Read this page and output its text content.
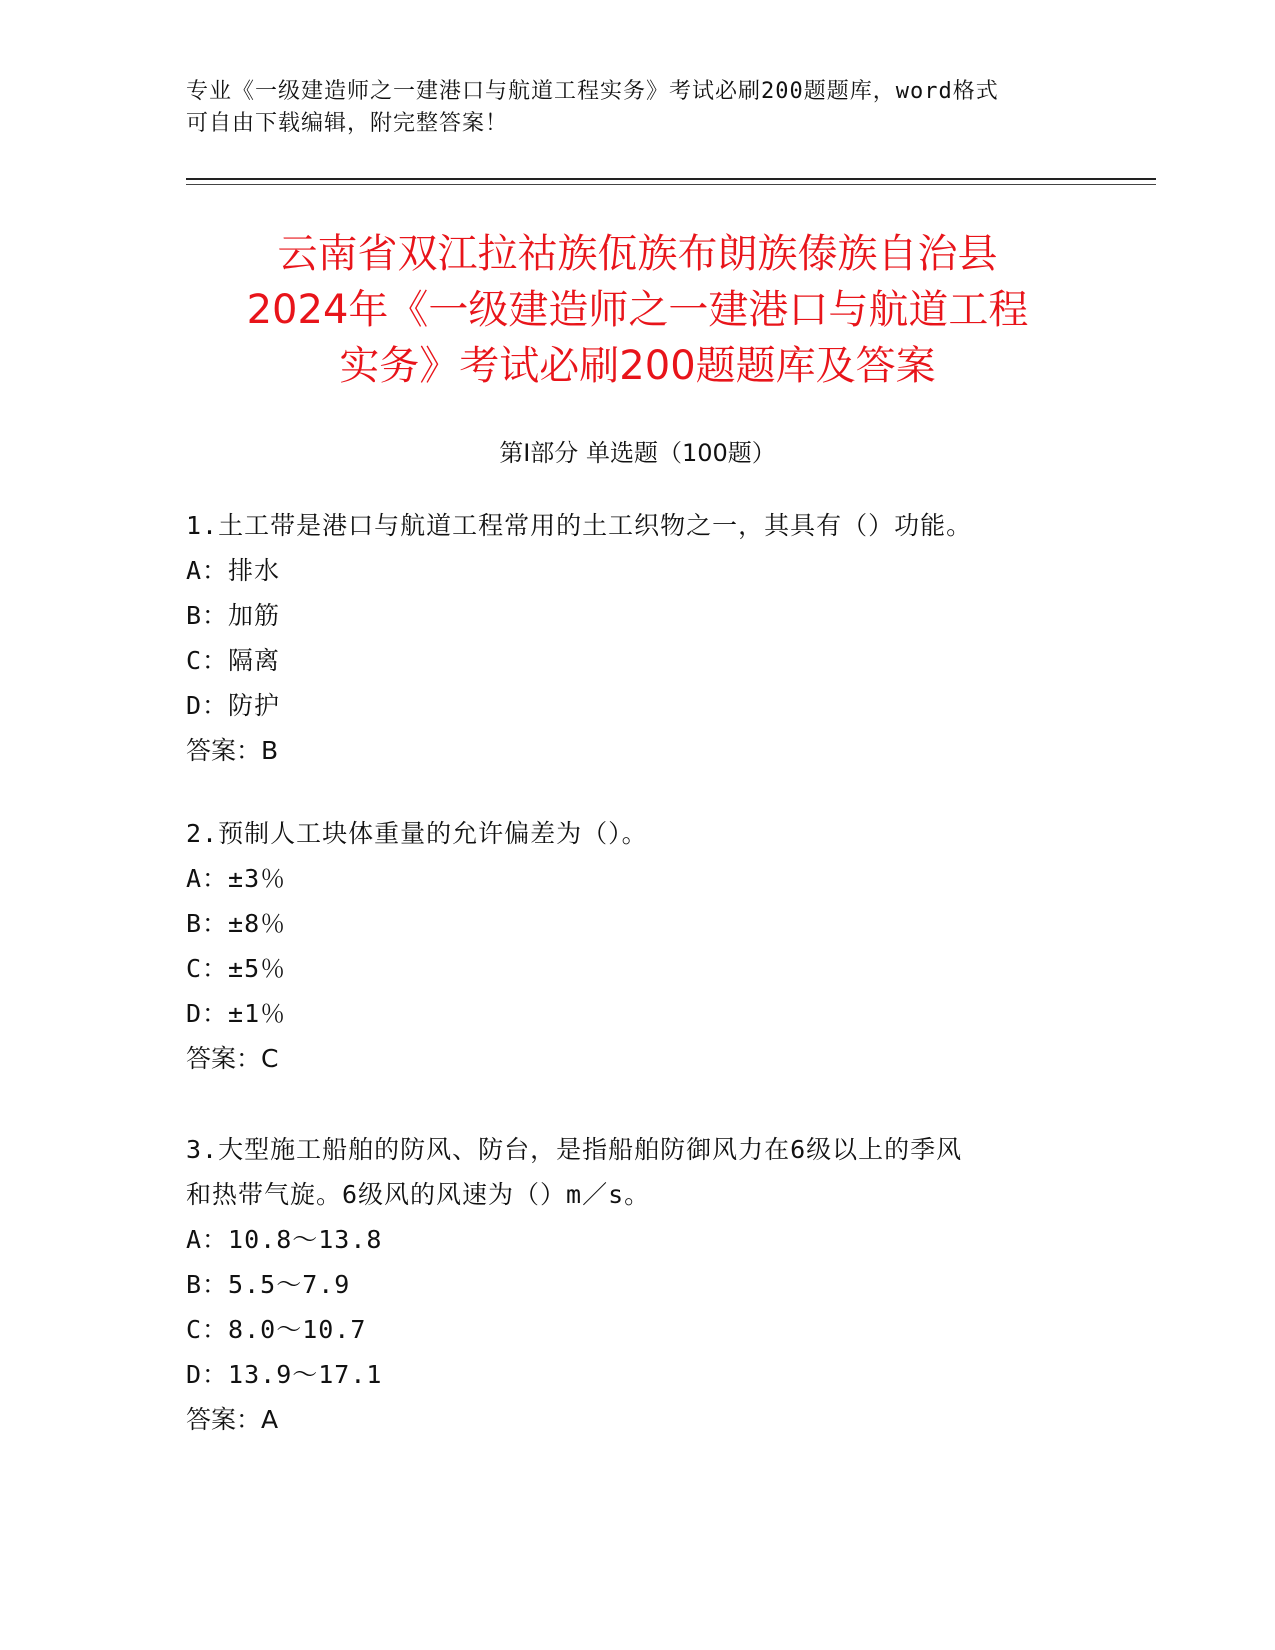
专业《一级建造师之一建港口与航道工程实务》考试必刷200题题库，word格式
可自由下载编辑，附完整答案！
云南省双江拉祜族佤族布朗族傣族自治县
2024年《一级建造师之一建港口与航道工程
实务》考试必刷200题题库及答案
第Ⅰ部分 单选题（100题）
1.土工带是港口与航道工程常用的土工织物之一，其具有（）功能。
A：排水
B：加筋
C：隔离
D：防护
答案：B
2.预制人工块体重量的允许偏差为（）。
A：±3％
B：±8％
C：±5％
D：±1％
答案：C
3.大型施工船舶的防风、防台，是指船舶防御风力在6级以上的季风
和热带气旋。6级风的风速为（）m／s。
A：10.8～13.8
B：5.5～7.9
C：8.0～10.7
D：13.9～17.1
答案：A
